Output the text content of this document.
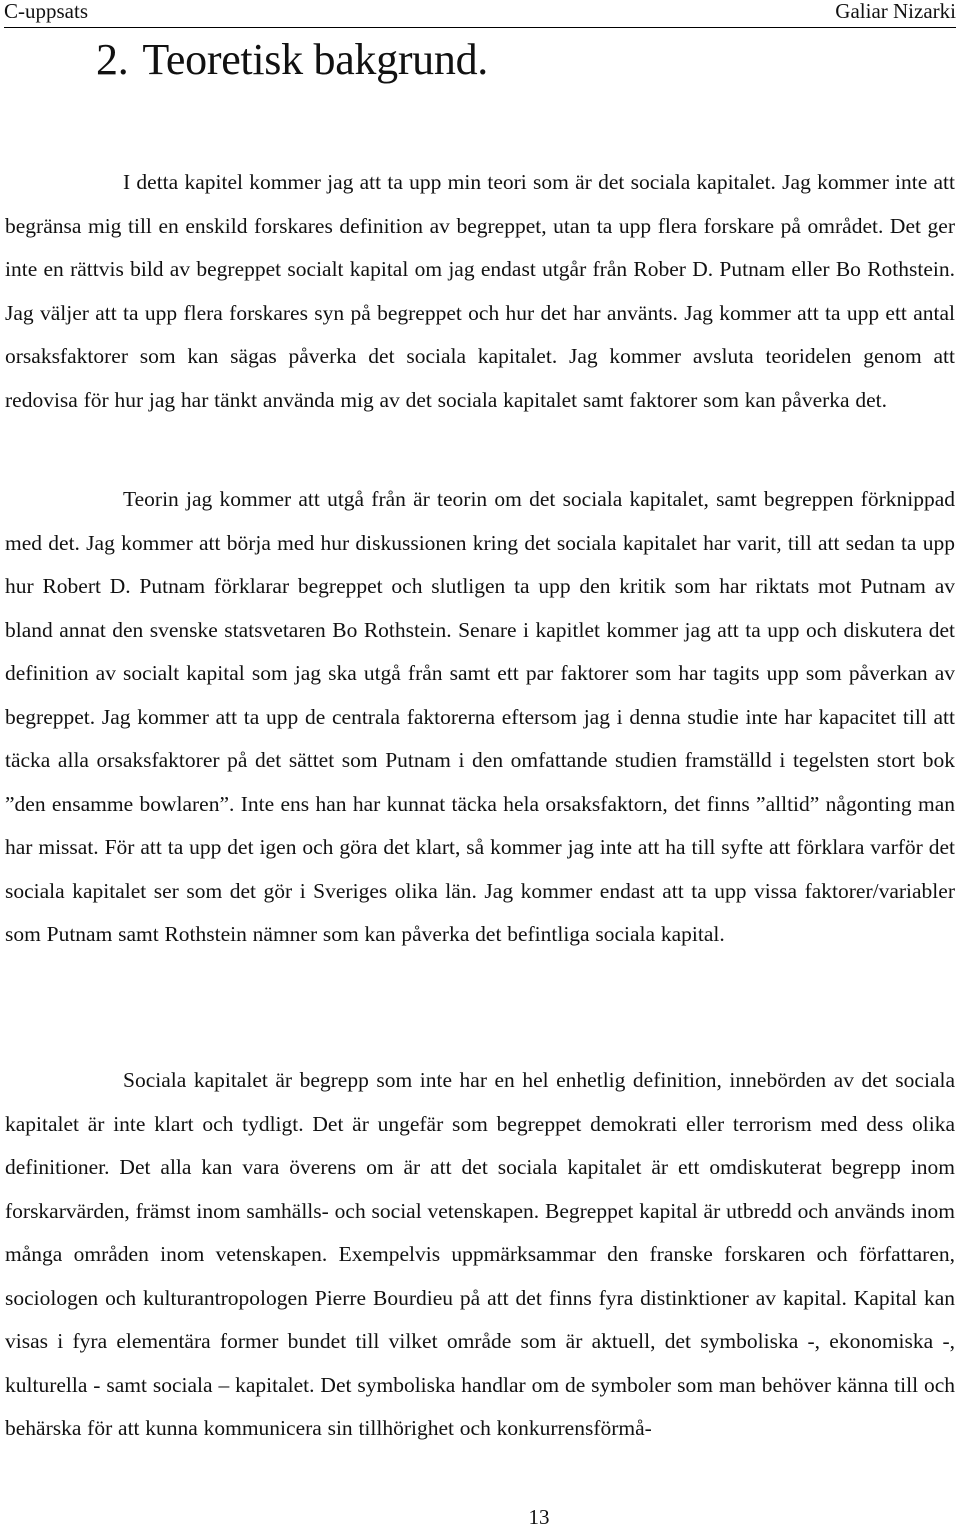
C-uppsats	Galiar Nizarki
2. Teoretisk bakgrund.

I detta kapitel kommer jag att ta upp min teori som är det sociala kapitalet. Jag kommer inte att begränsa mig till en enskild forskares definition av begreppet, utan ta upp flera forskare på området. Det ger inte en rättvis bild av begreppet socialt kapital om jag endast utgår från Rober D. Putnam eller Bo Rothstein. Jag väljer att ta upp flera forskares syn på begreppet och hur det har använts. Jag kommer att ta upp ett antal orsaksfaktorer som kan sägas påverka det sociala kapitalet. Jag kommer avsluta teoridelen genom att redovisa för hur jag har tänkt använda mig av det sociala kapitalet samt faktorer som kan påverka det.

Teorin jag kommer att utgå från är teorin om det sociala kapitalet, samt begreppen förknippad med det. Jag kommer att börja med hur diskussionen kring det sociala kapitalet har varit, till att sedan ta upp hur Robert D. Putnam förklarar begreppet och slutligen ta upp den kritik som har riktats mot Putnam av bland annat den svenske statsvetaren Bo Rothstein. Senare i kapitlet kommer jag att ta upp och diskutera det definition av socialt kapital som jag ska utgå från samt ett par faktorer som har tagits upp som påverkan av begreppet. Jag kommer att ta upp de centrala faktorerna eftersom jag i denna studie inte har kapacitet till att täcka alla orsaksfaktorer på det sättet som Putnam i den omfattande studien framställd i tegelsten stort bok ”den ensamme bowlaren”. Inte ens han har kunnat täcka hela orsaksfaktorn, det finns ”alltid” någonting man har missat. För att ta upp det igen och göra det klart, så kommer jag inte att ha till syfte att förklara varför det sociala kapitalet ser som det gör i Sveriges olika län. Jag kommer endast att ta upp vissa faktorer/variabler som Putnam samt Rothstein nämner som kan påverka det befintliga sociala kapital.

Sociala kapitalet är begrepp som inte har en hel enhetlig definition, innebörden av det sociala kapitalet är inte klart och tydligt. Det är ungefär som begreppet demokrati eller terrorism med dess olika definitioner. Det alla kan vara överens om är att det sociala kapitalet är ett omdiskuterat begrepp inom forskarvärden, främst inom samhälls- och social vetenskapen. Begreppet kapital är utbredd och används inom många områden inom vetenskapen. Exempelvis uppmärksammar den franske forskaren och författaren, sociologen och kulturantropologen Pierre Bourdieu på att det finns fyra distinktioner av kapital. Kapital kan visas i fyra elementära former bundet till vilket område som är aktuell, det symboliska -, ekonomiska -, kulturella - samt sociala – kapitalet. Det symboliska handlar om de symboler som man behöver känna till och behärska för att kunna kommunicera sin tillhörighet och konkurrensförmå-

13
